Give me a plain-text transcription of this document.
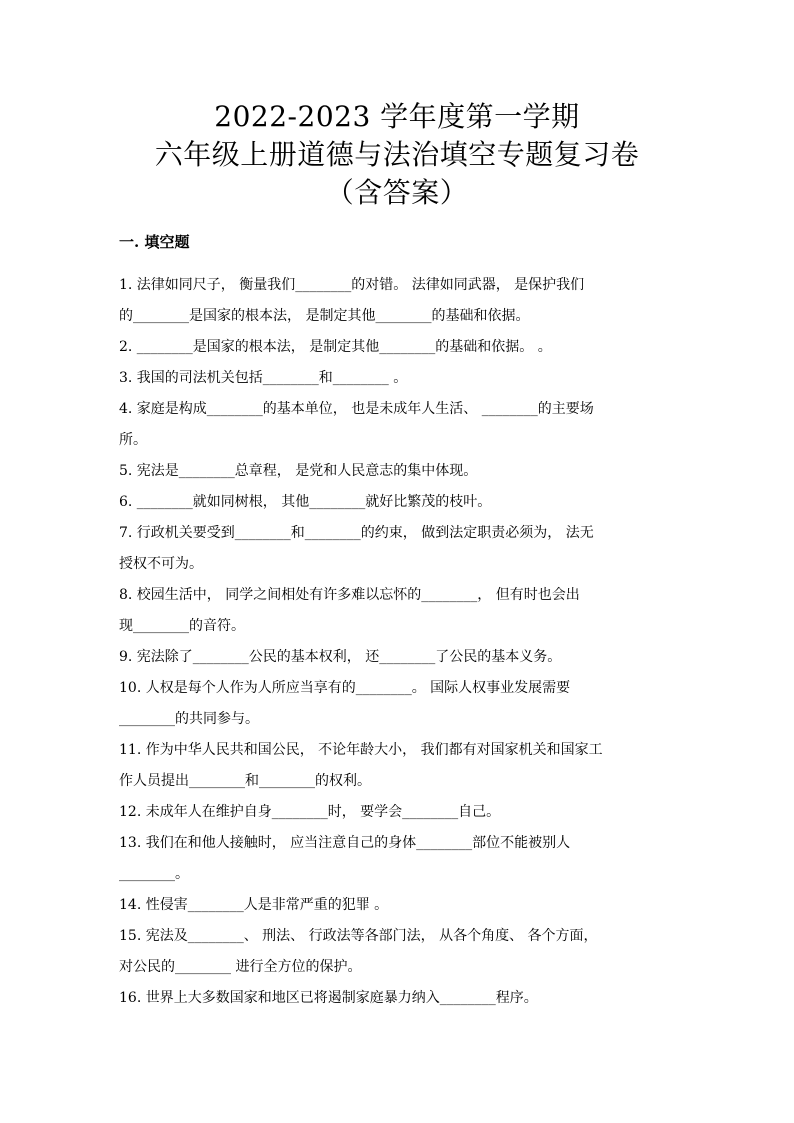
2022-2023 学年度第一学期
六年级上册道德与法治填空专题复习卷
（含答案）
一. 填空题
1. 法律如同尺子， 衡量我们________的对错。 法律如同武器， 是保护我们
的________是国家的根本法， 是制定其他________的基础和依据。
2. ________是国家的根本法， 是制定其他________的基础和依据。 。
3. 我国的司法机关包括________和________ 。
4. 家庭是构成________的基本单位， 也是未成年人生活、 ________的主要场
所。
5. 宪法是________总章程， 是党和人民意志的集中体现。
6. ________就如同树根， 其他________就好比繁茂的枝叶。
7. 行政机关要受到________和________的约束， 做到法定职责必须为， 法无
授权不可为。
8. 校园生活中， 同学之间相处有许多难以忘怀的________， 但有时也会出
现________的音符。
9. 宪法除了________公民的基本权利， 还________了公民的基本义务。
10. 人权是每个人作为人所应当享有的________。 国际人权事业发展需要
________的共同参与。
11. 作为中华人民共和国公民， 不论年龄大小， 我们都有对国家机关和国家工
作人员提出________和________的权利。
12. 未成年人在维护自身________时， 要学会________自己。
13. 我们在和他人接触时， 应当注意自己的身体________部位不能被别人
________。
14. 性侵害________人是非常严重的犯罪 。
15. 宪法及________、 刑法、 行政法等各部门法， 从各个角度、 各个方面，
对公民的________ 进行全方位的保护。
16. 世界上大多数国家和地区已将遏制家庭暴力纳入________程序。
